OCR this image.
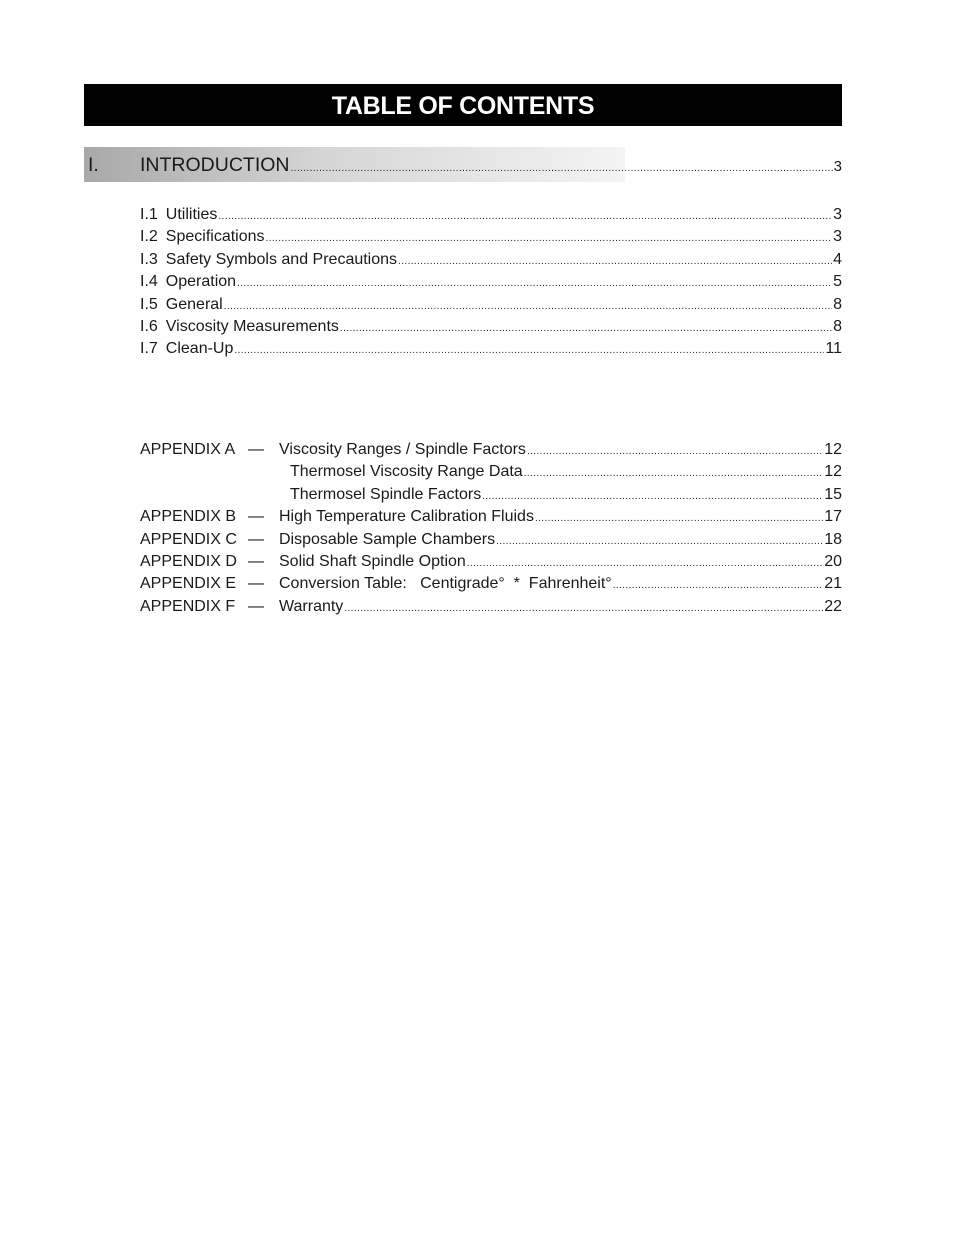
TABLE OF CONTENTS
I. INTRODUCTION .....	3
I.1 Utilities .....	3
I.2 Specifications .....	3
I.3 Safety Symbols and Precautions .....	4
I.4 Operation .....	5
I.5 General .....	8
I.6 Viscosity Measurements .....	8
I.7 Clean-Up .....	11
APPENDIX A — Viscosity Ranges / Spindle Factors .....	12
Thermosel Viscosity Range Data .....	12
Thermosel Spindle Factors .....	15
APPENDIX B — High Temperature Calibration Fluids .....	17
APPENDIX C — Disposable Sample Chambers .....	18
APPENDIX D — Solid Shaft Spindle Option .....	20
APPENDIX E — Conversion Table:   Centigrade°  *  Fahrenheit° .....	21
APPENDIX F — Warranty .....	22
